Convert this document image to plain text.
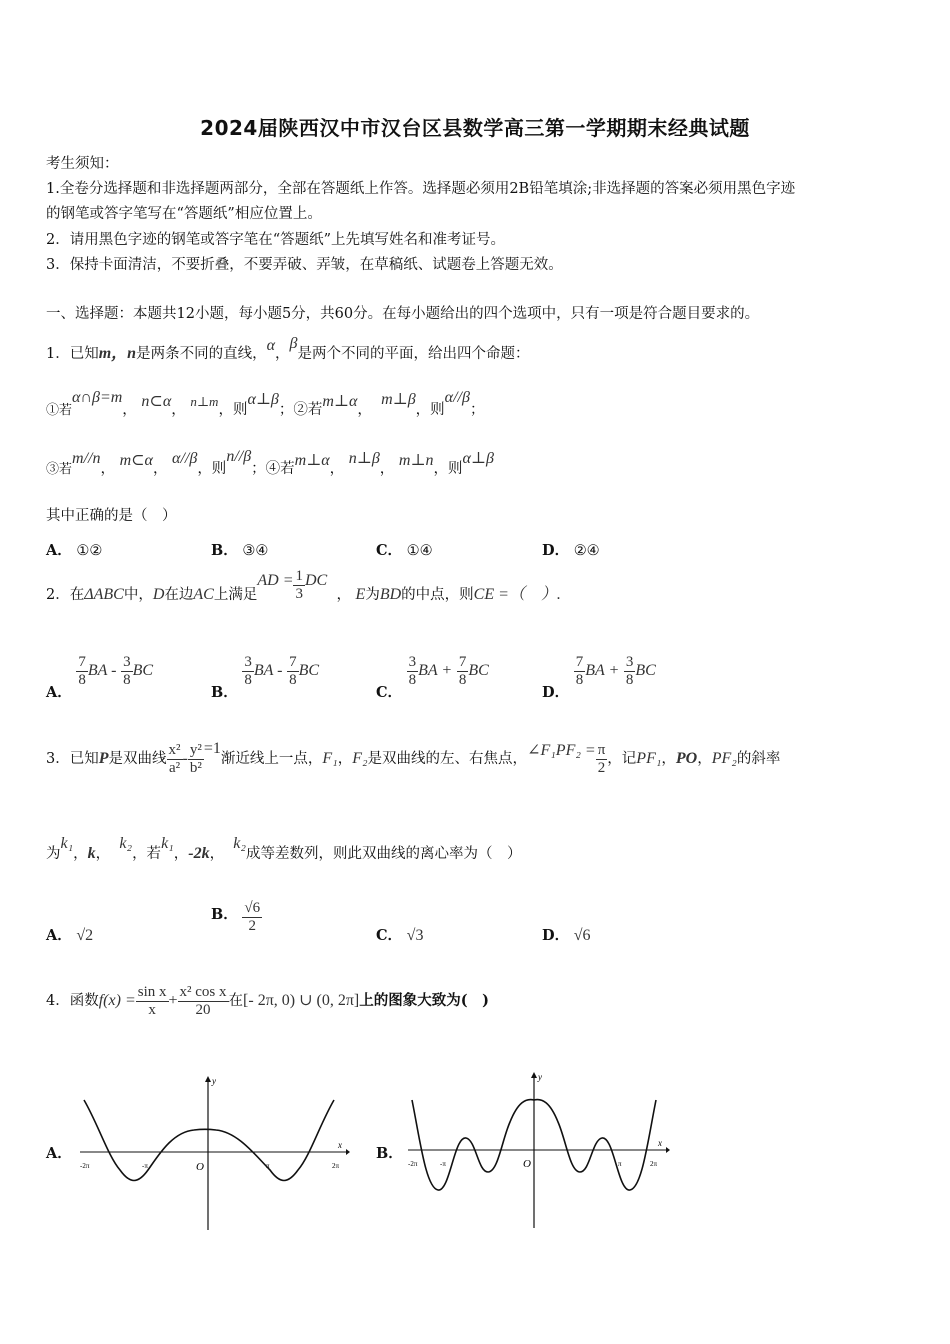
2024届陕西汉中市汉台区县数学高三第一学期期末经典试题
考生须知：
1.全卷分选择题和非选择题两部分，全部在答题纸上作答。选择题必须用2B铅笔填涂;非选择题的答案必须用黑色字迹
的钢笔或答字笔写在“答题纸”相应位置上。
2．请用黑色字迹的钢笔或答字笔在“答题纸”上先填写姓名和准考证号。
3．保持卡面清洁，不要折叠，不要弄破、弄皱，在草稿纸、试题卷上答题无效。
一、选择题：本题共12小题，每小题5分，共60分。在每小题给出的四个选项中，只有一项是符合题目要求的。
1．已知m，n是两条不同的直线，α，β是两个不同的平面，给出四个命题：
①若α∩β=m， n⊂α， n⊥m，则α⊥β；②若m⊥α，  m⊥β，则α//β；
③若m//n， m⊂α， α//β，则n//β；④若m⊥α， n⊥β， m⊥n，则α⊥β
其中正确的是（　）
A． ①②	B． ③④	C． ①④	D． ②④
2．在ΔABC中，D在边AC上满足AD = $\frac{1}{3}$ DC  ， E为BD的中点，则CE =（　）.
A．
$\frac{7}{8}$ BA - $\frac{3}{8}$ BC
B．
$\frac{3}{8}$ BA - $\frac{7}{8}$ BC
C．
$\frac{3}{8}$ BA + $\frac{7}{8}$ BC
D．
$\frac{7}{8}$ BA + $\frac{3}{8}$ BC
3．已知P是双曲线 $\frac{\text{x²}}{\text{a²}} - \frac{\text{y²}}{\text{b²}} =1$渐近线上一点，F₁，F₂是双曲线的左、右焦点，∠F₁PF₂ = $\frac{\pi}{2}$ ，记PF₁，PO，PF₂的斜率
为k₁，k，  k₂，若k₁，-2k，  k₂成等差数列，则此双曲线的离心率为（　）
A． √2
B． $\frac{√6}{2}$
C． √3	D． √6
4．函数$f(x) = \frac{\text{sin x}}{x} + \frac{\text{x² cos x}}{20}$ 在[- 2π, 0) ∪ (0, 2π]上的图象大致为(　)
A．
y
x
O
-2π	-π	π	2π
B．
y
x
O
-2π	-π	π	2π
